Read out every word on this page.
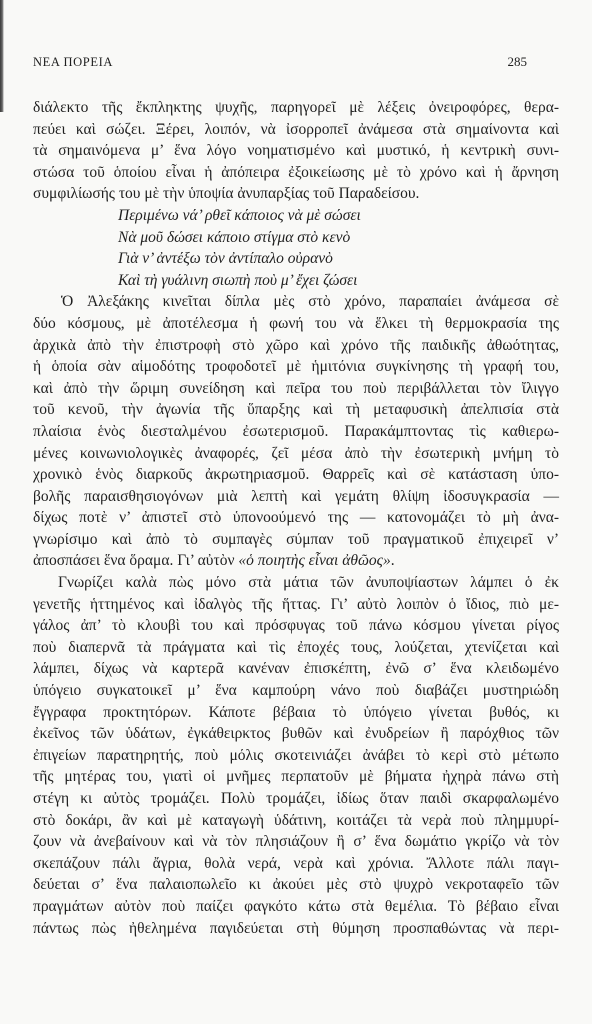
ΝΕΑ ΠΟΡΕΙΑ	285
διάλεκτο τῆς ἔκπληκτης ψυχῆς, παρηγορεῖ μὲ λέξεις ὀνειροφόρες, θερα-
πεύει καὶ σώζει. Ξέρει, λοιπόν, νὰ ἰσορροπεῖ ἀνάμεσα στὰ σημαίνοντα καὶ
τὰ σημαινόμενα μ’ ἕνα λόγο νοηματισμένο καὶ μυστικό, ἡ κεντρικὴ συνι-
στώσα τοῦ ὁποίου εἶναι ἡ ἀπόπειρα ἐξοικείωσης μὲ τὸ χρόνο καὶ ἡ ἄρνηση
συμφιλίωσής του μὲ τὴν ὑποψία ἀνυπαρξίας τοῦ Παραδείσου.
Περιμένω νά’ ρθεῖ κάποιος νὰ μὲ σώσει
Νὰ μοῦ δώσει κάποιο στίγμα στὸ κενὸ
Γιὰ ν’ ἀντέξω τὸν ἀντίπαλο οὐρανὸ
Καὶ τὴ γυάλινη σιωπὴ ποὺ μ’ ἔχει ζώσει
Ὁ Ἀλεξάκης κινεῖται δίπλα μὲς στὸ χρόνο, παραπαίει ἀνάμεσα σὲ
δύο κόσμους, μὲ ἀποτέλεσμα ἡ φωνή του νὰ ἕλκει τὴ θερμοκρασία της
ἀρχικὰ ἀπὸ τὴν ἐπιστροφὴ στὸ χῶρο καὶ χρόνο τῆς παιδικῆς ἀθωότητας,
ἡ ὁποία σὰν αἱμοδότης τροφοδοτεῖ μὲ ἡμιτόνια συγκίνησης τὴ γραφή του,
καὶ ἀπὸ τὴν ὥριμη συνείδηση καὶ πεῖρα του ποὺ περιβάλλεται τὸν ἴλιγγο
τοῦ κενοῦ, τὴν ἀγωνία τῆς ὕπαρξης καὶ τὴ μεταφυσικὴ ἀπελπισία στὰ
πλαίσια ἑνὸς διεσταλμένου ἐσωτερισμοῦ. Παρακάμπτοντας τὶς καθιερω-
μένες κοινωνιολογικὲς ἀναφορές, ζεῖ μέσα ἀπὸ τὴν ἐσωτερικὴ μνήμη τὸ
χρονικὸ ἑνὸς διαρκοῦς ἀκρωτηριασμοῦ. Θαρρεῖς καὶ σὲ κατάσταση ὑπο-
βολῆς παραισθησιογόνων μιὰ λεπτὴ καὶ γεμάτη θλίψη ἰδοσυγκρασία —
δίχως ποτὲ ν’ ἀπιστεῖ στὸ ὑπονοούμενό της — κατονομάζει τὸ μὴ ἀνα-
γνωρίσιμο καὶ ἀπὸ τὸ συμπαγὲς σύμπαν τοῦ πραγματικοῦ ἐπιχειρεῖ ν’
ἀποσπάσει ἕνα ὅραμα. Γι’ αὐτὸν «ὁ ποιητὴς εἶναι ἀθῶος».
Γνωρίζει καλὰ πὼς μόνο στὰ μάτια τῶν ἀνυποψίαστων λάμπει ὁ ἐκ
γενετῆς ἡττημένος καὶ ἰδαλγὸς τῆς ἥττας. Γι’ αὐτὸ λοιπὸν ὁ ἴδιος, πιὸ με-
γάλος ἀπ’ τὸ κλουβὶ του καὶ πρόσφυγας τοῦ πάνω κόσμου γίνεται ρίγος
ποὺ διαπερνᾶ τὰ πράγματα καὶ τὶς ἐποχές τους, λούζεται, χτενίζεται καὶ
λάμπει, δίχως νὰ καρτερᾶ κανέναν ἐπισκέπτη, ἐνῶ σ’ ἕνα κλειδωμένο
ὑπόγειο συγκατοικεῖ μ’ ἕνα καμπούρη νάνο ποὺ διαβάζει μυστηριώδη
ἔγγραφα προκτητόρων. Κάποτε βέβαια τὸ ὑπόγειο γίνεται βυθός, κι
ἐκεῖνος τῶν ὑδάτων, ἐγκάθειρκτος βυθῶν καὶ ἐνυδρείων ἢ παρόχθιος τῶν
ἐπιγείων παρατηρητής, ποὺ μόλις σκοτεινιάζει ἀνάβει τὸ κερὶ στὸ μέτωπο
τῆς μητέρας του, γιατὶ οἱ μνῆμες περπατοῦν μὲ βήματα ἠχηρὰ πάνω στὴ
στέγη κι αὐτὸς τρομάζει. Πολὺ τρομάζει, ἰδίως ὅταν παιδὶ σκαρφαλωμένο
στὸ δοκάρι, ἂν καὶ μὲ καταγωγὴ ὑδάτινη, κοιτάζει τὰ νερὰ ποὺ πλημμυρί-
ζουν νὰ ἀνεβαίνουν καὶ νὰ τὸν πλησιάζουν ἢ σ’ ἕνα δωμάτιο γκρίζο νὰ τὸν
σκεπάζουν πάλι ἄγρια, θολὰ νερά, νερὰ καὶ χρόνια. Ἄλλοτε πάλι παγι-
δεύεται σ’ ἕνα παλαιοπωλεῖο κι ἀκούει μὲς στὸ ψυχρὸ νεκροταφεῖο τῶν
πραγμάτων αὐτὸν ποὺ παίζει φαγκότο κάτω στὰ θεμέλια. Τὸ βέβαιο εἶναι
πάντως πὼς ἠθελημένα παγιδεύεται στὴ θύμηση προσπαθώντας νὰ περι-
